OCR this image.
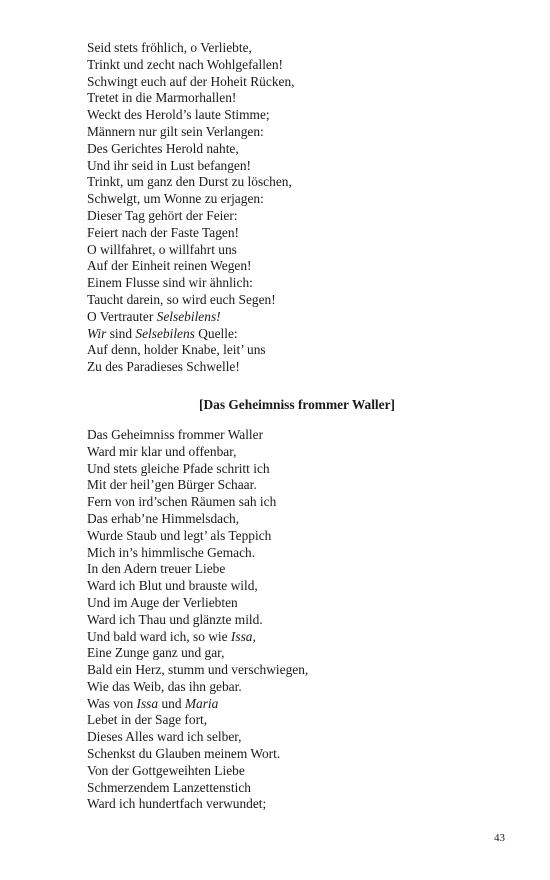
Seid stets fröhlich, o Verliebte,
Trinkt und zecht nach Wohlgefallen!
Schwingt euch auf der Hoheit Rücken,
Tretet in die Marmorhallen!
Weckt des Herold’s laute Stimme;
Männern nur gilt sein Verlangen:
Des Gerichtes Herold nahte,
Und ihr seid in Lust befangen!
Trinkt, um ganz den Durst zu löschen,
Schwelgt, um Wonne zu erjagen:
Dieser Tag gehört der Feier:
Feiert nach der Faste Tagen!
O willfahret, o willfahrt uns
Auf der Einheit reinen Wegen!
Einem Flusse sind wir ähnlich:
Taucht darein, so wird euch Segen!
O Vertrauter Selsebilens!
Wir sind Selsebilens Quelle:
Auf denn, holder Knabe, leit’ uns
Zu des Paradieses Schwelle!
[Das Geheimniss frommer Waller]
Das Geheimniss frommer Waller
Ward mir klar und offenbar,
Und stets gleiche Pfade schritt ich
Mit der heil’gen Bürger Schaar.
Fern von ird’schen Räumen sah ich
Das erhab’ne Himmelsdach,
Wurde Staub und legt’ als Teppich
Mich in’s himmlische Gemach.
In den Adern treuer Liebe
Ward ich Blut und brauste wild,
Und im Auge der Verliebten
Ward ich Thau und glänzte mild.
Und bald ward ich, so wie Issa,
Eine Zunge ganz und gar,
Bald ein Herz, stumm und verschwiegen,
Wie das Weib, das ihn gebar.
Was von Issa und Maria
Lebet in der Sage fort,
Dieses Alles ward ich selber,
Schenkst du Glauben meinem Wort.
Von der Gottgeweihten Liebe
Schmerzendem Lanzettenstich
Ward ich hundertfach verwundet;
43
